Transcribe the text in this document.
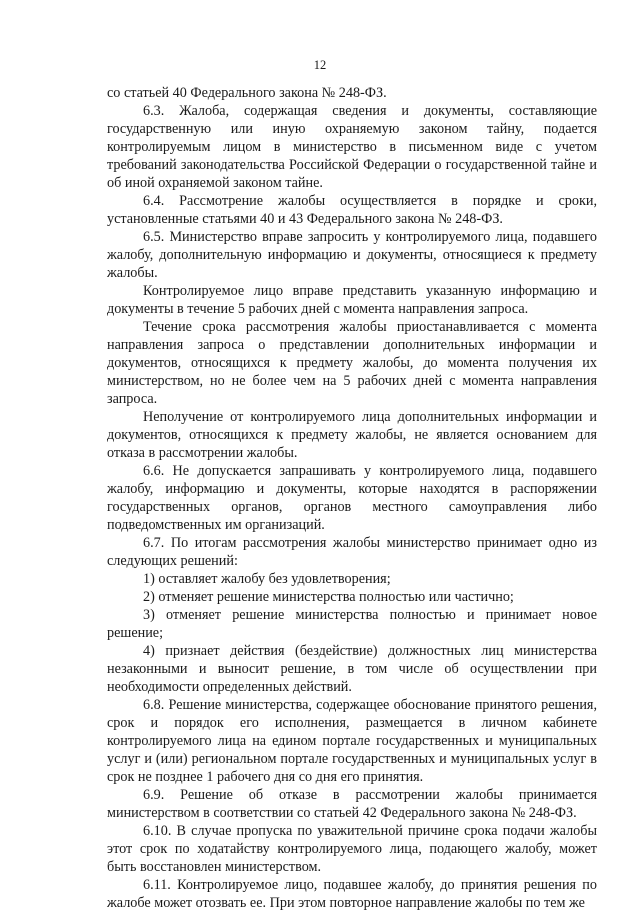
12

со статьей 40 Федерального закона № 248-ФЗ.

6.3. Жалоба, содержащая сведения и документы, составляющие государственную или иную охраняемую законом тайну, подается контролируемым лицом в министерство в письменном виде с учетом требований законодательства Российской Федерации о государственной тайне и об иной охраняемой законом тайне.

6.4. Рассмотрение жалобы осуществляется в порядке и сроки, установленные статьями 40 и 43 Федерального закона № 248-ФЗ.

6.5. Министерство вправе запросить у контролируемого лица, подавшего жалобу, дополнительную информацию и документы, относящиеся к предмету жалобы.

Контролируемое лицо вправе представить указанную информацию и документы в течение 5 рабочих дней с момента направления запроса.

Течение срока рассмотрения жалобы приостанавливается с момента направления запроса о представлении дополнительных информации и документов, относящихся к предмету жалобы, до момента получения их министерством, но не более чем на 5 рабочих дней с момента направления запроса.

Неполучение от контролируемого лица дополнительных информации и документов, относящихся к предмету жалобы, не является основанием для отказа в рассмотрении жалобы.

6.6. Не допускается запрашивать у контролируемого лица, подавшего жалобу, информацию и документы, которые находятся в распоряжении государственных органов, органов местного самоуправления либо подведомственных им организаций.

6.7. По итогам рассмотрения жалобы министерство принимает одно из следующих решений:

1) оставляет жалобу без удовлетворения;

2) отменяет решение министерства полностью или частично;

3) отменяет решение министерства полностью и принимает новое решение;

4) признает действия (бездействие) должностных лиц министерства незаконными и выносит решение, в том числе об осуществлении при необходимости определенных действий.

6.8. Решение министерства, содержащее обоснование принятого решения, срок и порядок его исполнения, размещается в личном кабинете контролируемого лица на едином портале государственных и муниципальных услуг и (или) региональном портале государственных и муниципальных услуг в срок не позднее 1 рабочего дня со дня его принятия.

6.9. Решение об отказе в рассмотрении жалобы принимается министерством в соответствии со статьей 42 Федерального закона № 248-ФЗ.

6.10. В случае пропуска по уважительной причине срока подачи жалобы этот срок по ходатайству контролируемого лица, подающего жалобу, может быть восстановлен министерством.

6.11. Контролируемое лицо, подавшее жалобу, до принятия решения по жалобе может отозвать ее. При этом повторное направление жалобы по тем же
